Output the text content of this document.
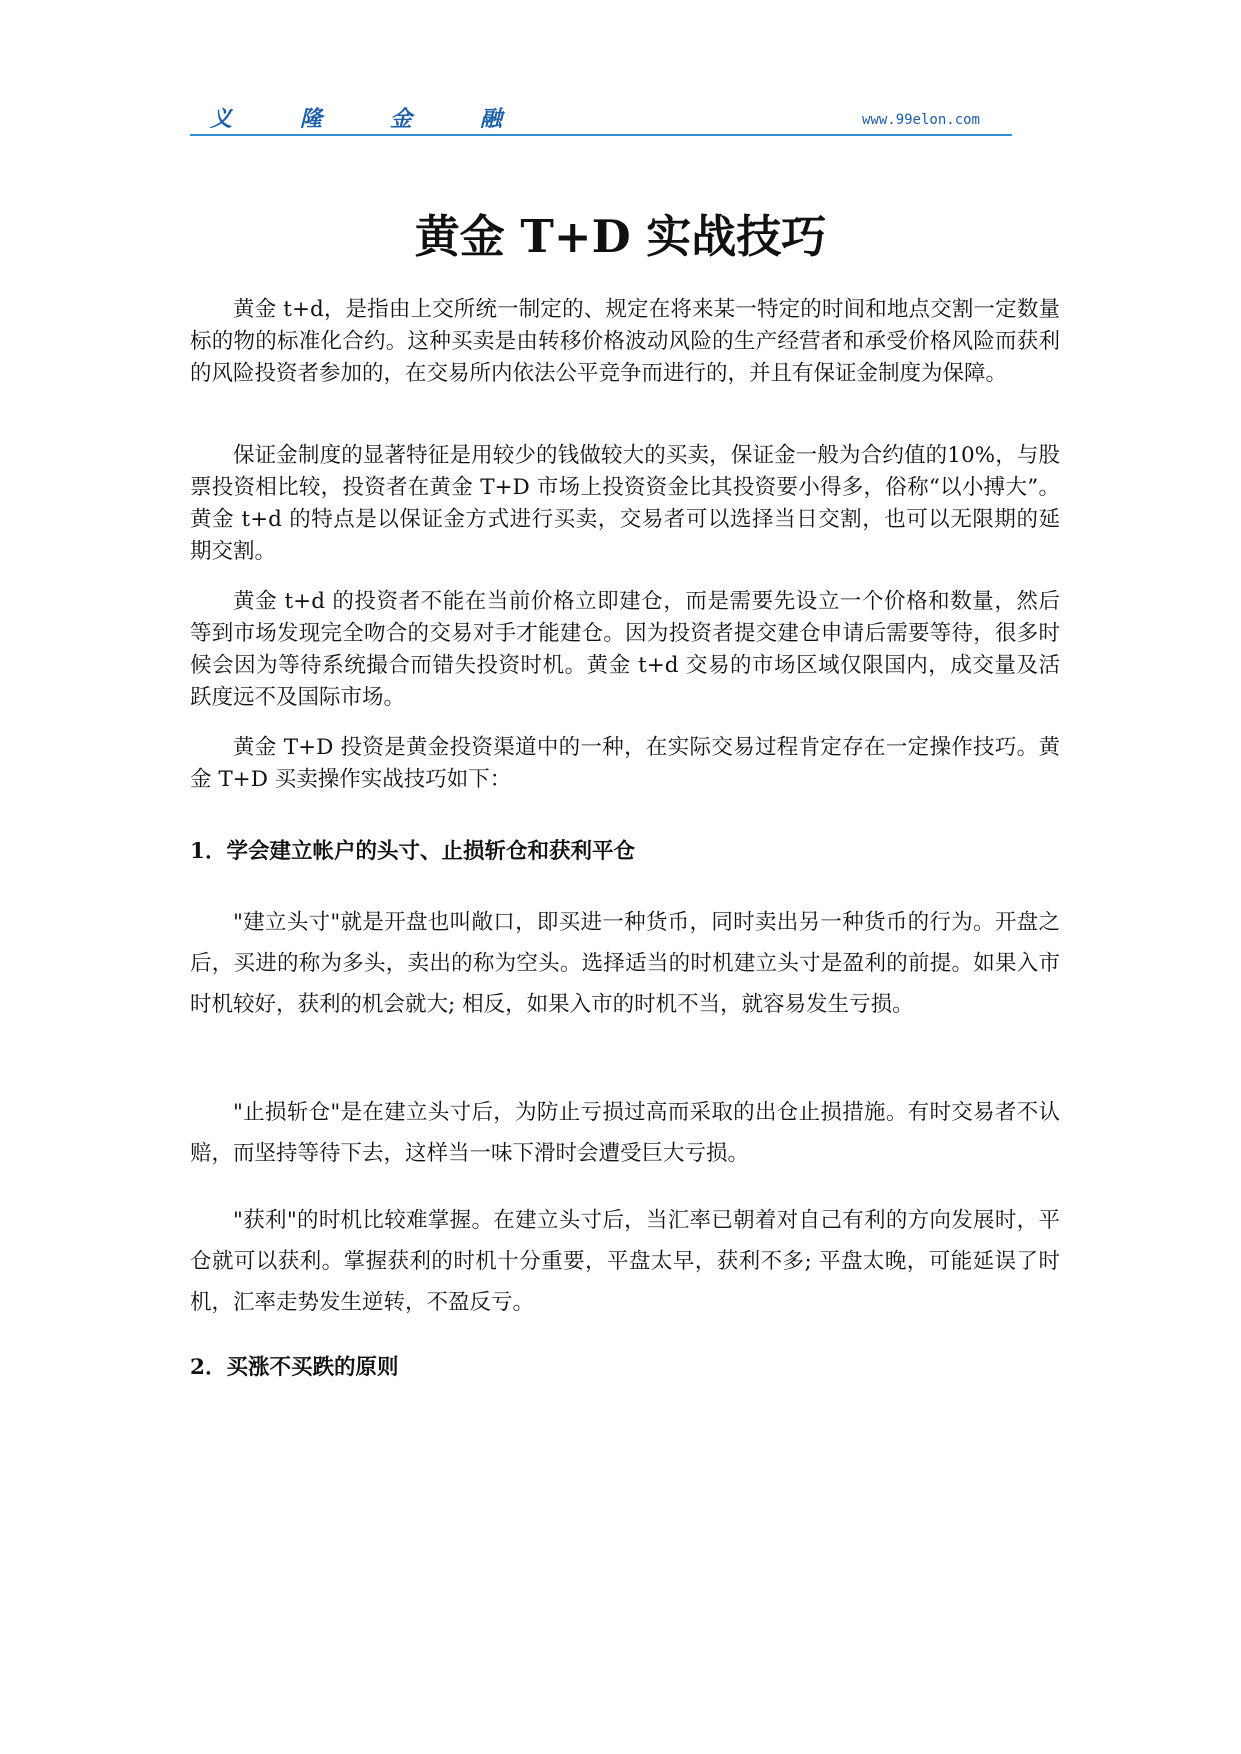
义	隆	金	融	www.99elon.com
黄金 T+D 实战技巧

黄金 t+d，是指由上交所统一制定的、规定在将来某一特定的时间和地点交割一定数量标的物的标准化合约。这种买卖是由转移价格波动风险的生产经营者和承受价格风险而获利的风险投资者参加的，在交易所内依法公平竞争而进行的，并且有保证金制度为保障。

保证金制度的显著特征是用较少的钱做较大的买卖，保证金一般为合约值的10%，与股票投资相比较，投资者在黄金 T+D 市场上投资资金比其投资要小得多，俗称“以小搏大”。黄金 t+d 的特点是以保证金方式进行买卖，交易者可以选择当日交割，也可以无限期的延期交割。

黄金 t+d 的投资者不能在当前价格立即建仓，而是需要先设立一个价格和数量，然后等到市场发现完全吻合的交易对手才能建仓。因为投资者提交建仓申请后需要等待，很多时候会因为等待系统撮合而错失投资时机。黄金 t+d 交易的市场区域仅限国内，成交量及活跃度远不及国际市场。

黄金 T+D 投资是黄金投资渠道中的一种，在实际交易过程肯定存在一定操作技巧。黄金 T+D 买卖操作实战技巧如下：

1．学会建立帐户的头寸、止损斩仓和获利平仓

"建立头寸"就是开盘也叫敞口，即买进一种货币，同时卖出另一种货币的行为。开盘之后，买进的称为多头，卖出的称为空头。选择适当的时机建立头寸是盈利的前提。如果入市时机较好，获利的机会就大; 相反，如果入市的时机不当，就容易发生亏损。

"止损斩仓"是在建立头寸后，为防止亏损过高而采取的出仓止损措施。有时交易者不认赔，而坚持等待下去，这样当一味下滑时会遭受巨大亏损。

"获利"的时机比较难掌握。在建立头寸后，当汇率已朝着对自己有利的方向发展时，平仓就可以获利。掌握获利的时机十分重要，平盘太早，获利不多; 平盘太晚，可能延误了时机，汇率走势发生逆转，不盈反亏。

2．买涨不买跌的原则
